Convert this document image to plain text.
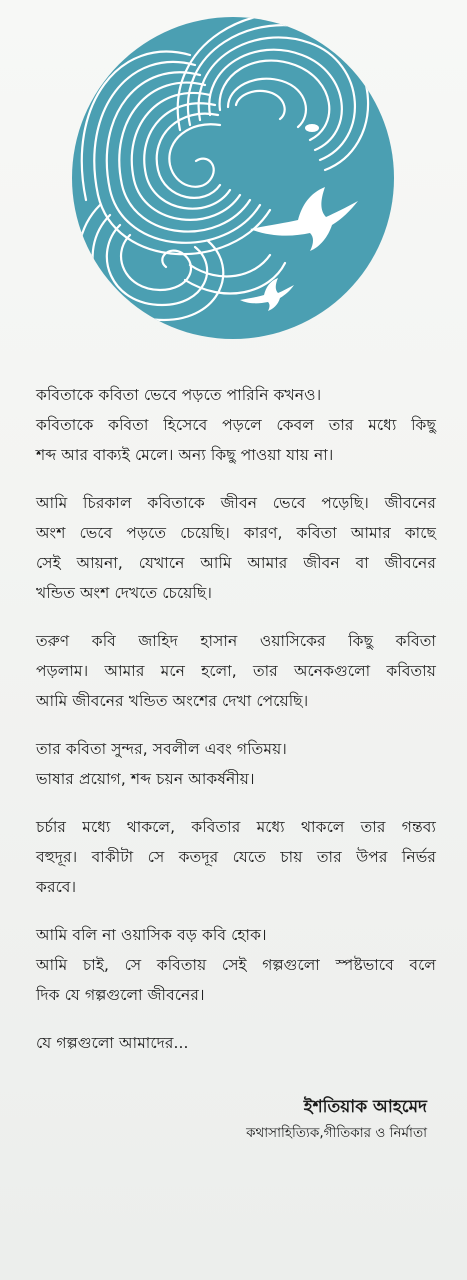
কবিতাকে কবিতা ভেবে পড়তে পারিনি কখনও।
কবিতাকে কবিতা হিসেবে পড়লে কেবল তার মধ্যে কিছু
শব্দ আর বাক্যই মেলে। অন্য কিছু পাওয়া যায় না।

আমি চিরকাল কবিতাকে জীবন ভেবে পড়েছি। জীবনের
অংশ ভেবে পড়তে চেয়েছি। কারণ, কবিতা আমার কাছে
সেই আয়না, যেখানে আমি আমার জীবন বা জীবনের
খন্ডিত অংশ দেখতে চেয়েছি।

তরুণ কবি জাহিদ হাসান ওয়াসিকের কিছু কবিতা
পড়লাম। আমার মনে হলো, তার অনেকগুলো কবিতায়
আমি জীবনের খন্ডিত অংশের দেখা পেয়েছি।

তার কবিতা সুন্দর, সবলীল এবং গতিময়।
ভাষার প্রয়োগ, শব্দ চয়ন আকর্ষনীয়।

চর্চার মধ্যে থাকলে, কবিতার মধ্যে থাকলে তার গন্তব্য
বহুদূর। বাকীটা সে কতদূর যেতে চায় তার উপর নির্ভর
করবে।

আমি বলি না ওয়াসিক বড় কবি হোক।
আমি চাই, সে কবিতায় সেই গল্পগুলো স্পষ্টভাবে বলে
দিক যে গল্পগুলো জীবনের।

যে গল্পগুলো আমাদের...

ইশতিয়াক আহমেদ
কথাসাহিত্যিক,গীতিকার ও নির্মাতা
